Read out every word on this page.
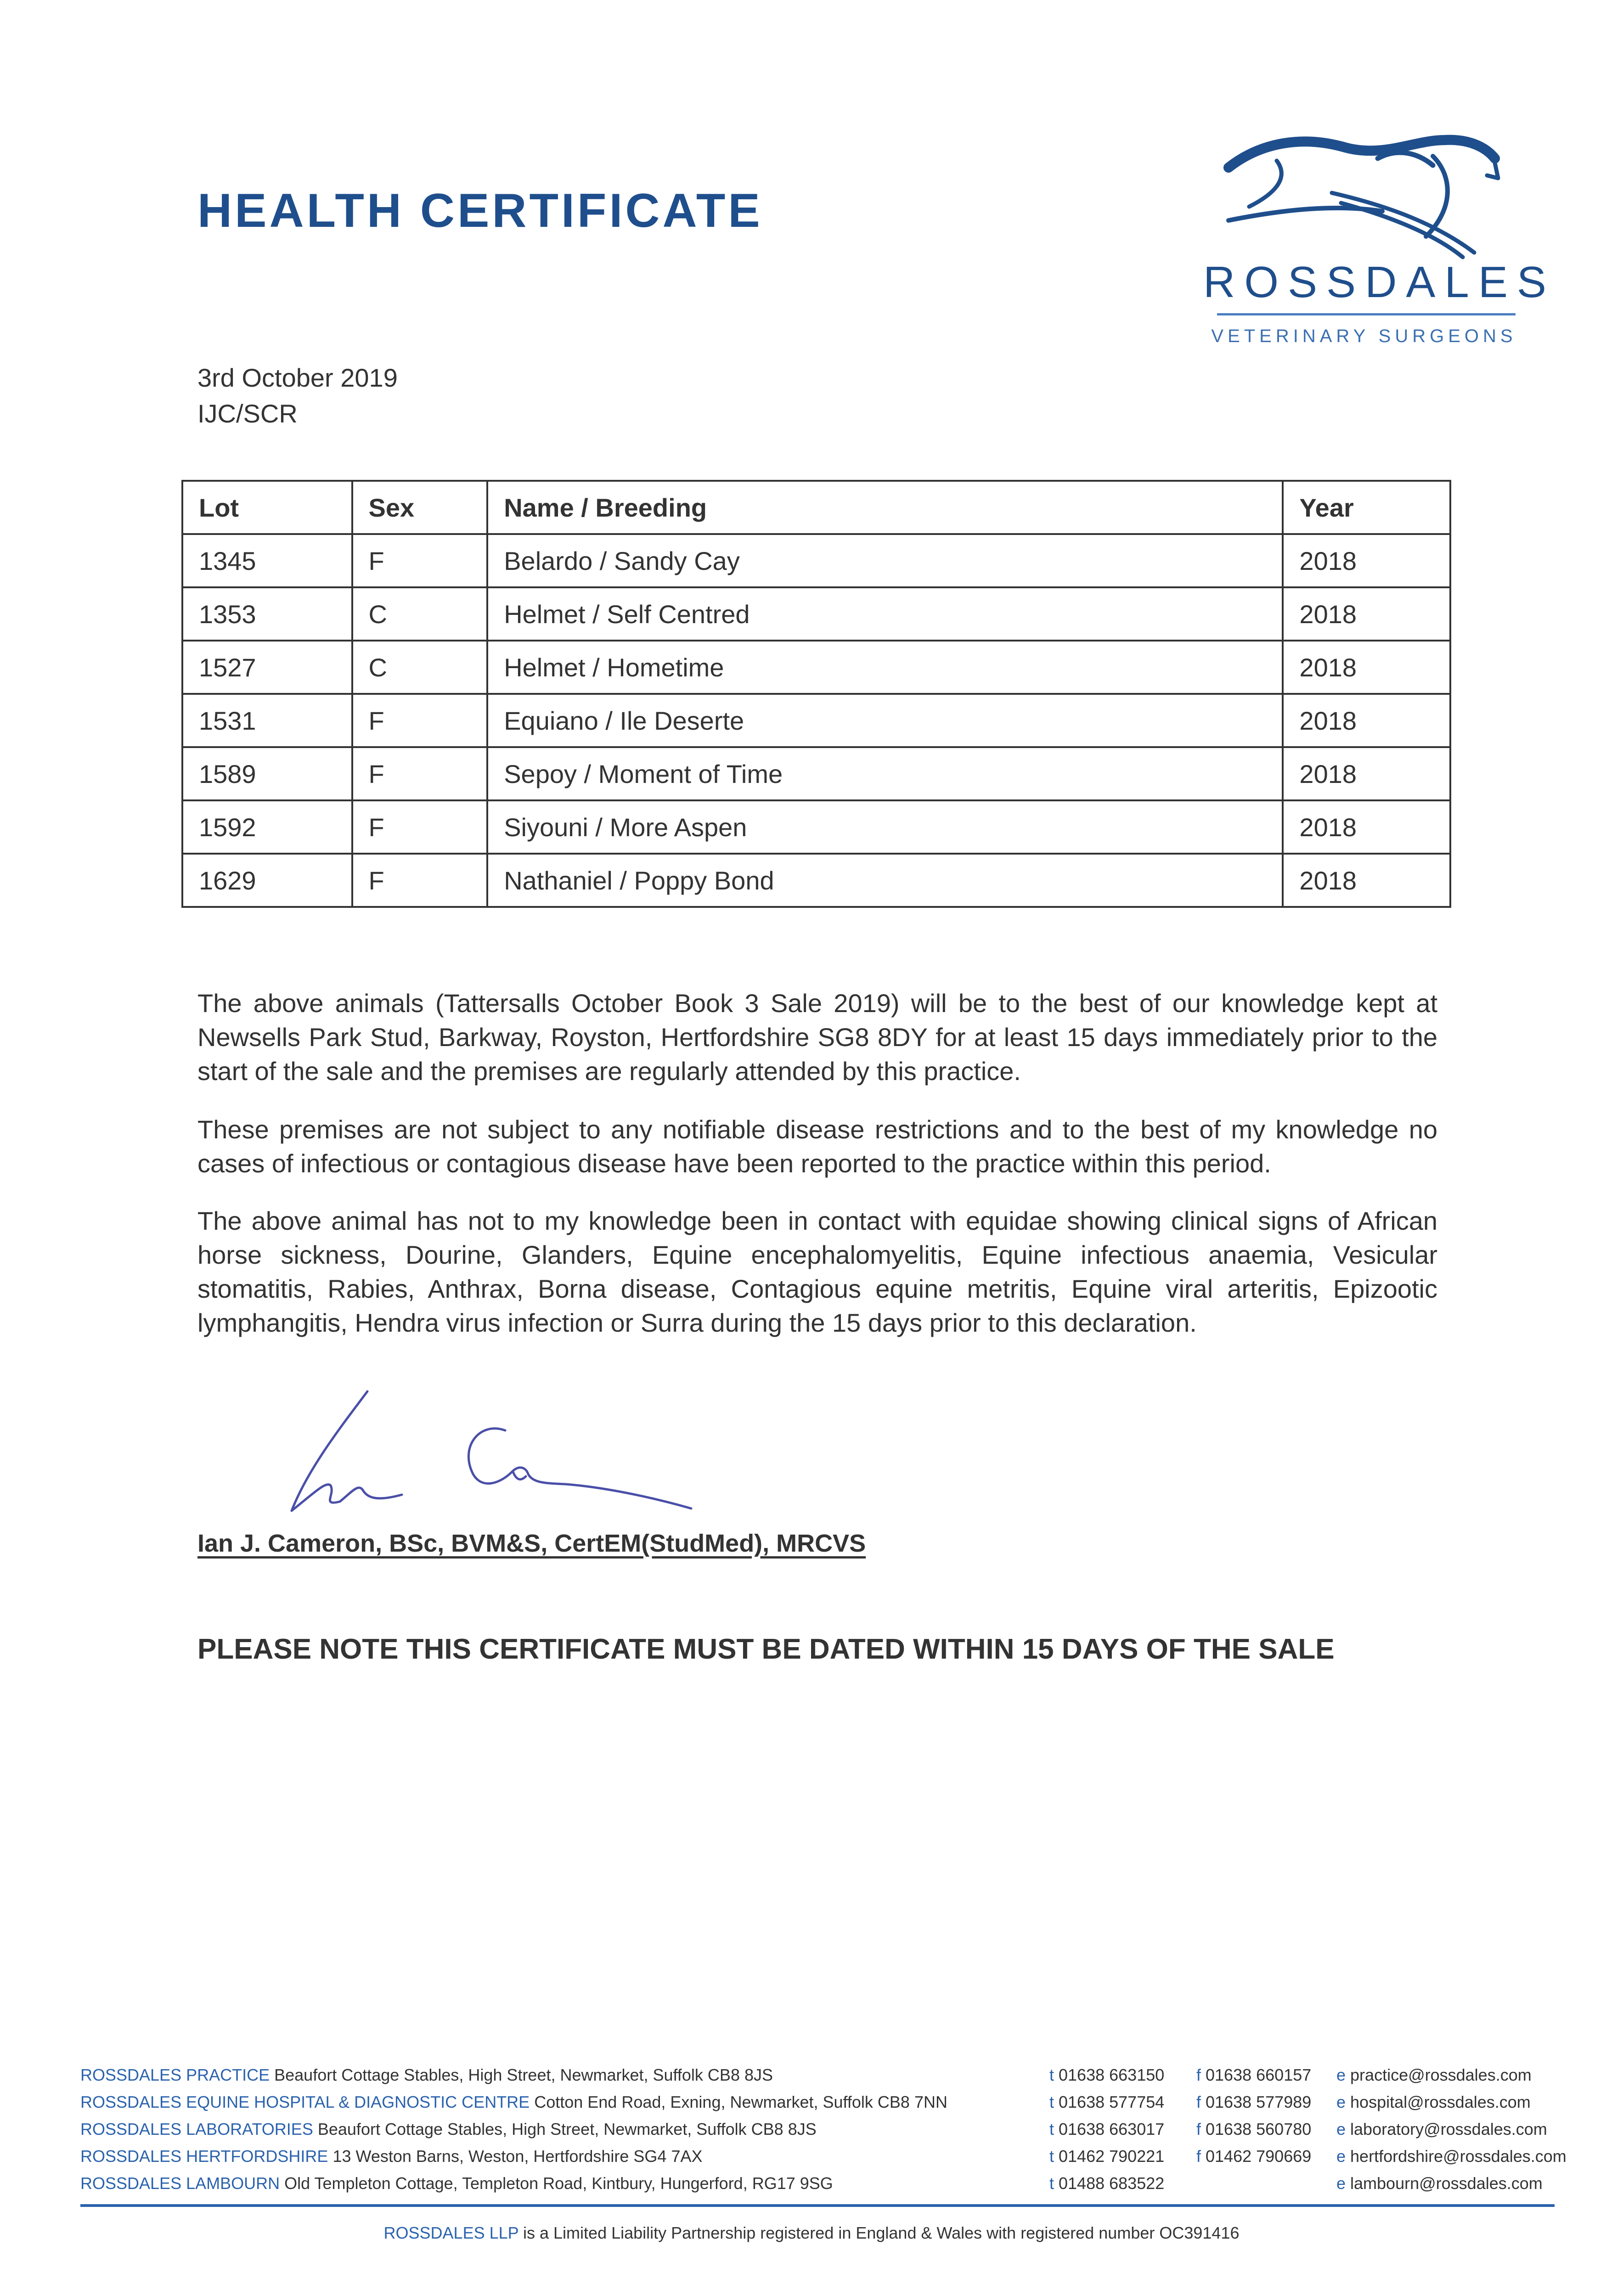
HEALTH CERTIFICATE
ROSSDALES
VETERINARY SURGEONS
3rd October 2019
IJC/SCR
Lot	Sex	Name / Breeding	Year
1345	F	Belardo / Sandy Cay	2018
1353	C	Helmet / Self Centred	2018
1527	C	Helmet / Hometime	2018
1531	F	Equiano / Ile Deserte	2018
1589	F	Sepoy / Moment of Time	2018
1592	F	Siyouni / More Aspen	2018
1629	F	Nathaniel / Poppy Bond	2018

The above animals (Tattersalls October Book 3 Sale 2019) will be to the best of our knowledge kept at Newsells Park Stud, Barkway, Royston, Hertfordshire SG8 8DY for at least 15 days immediately prior to the start of the sale and the premises are regularly attended by this practice.

These premises are not subject to any notifiable disease restrictions and to the best of my knowledge no cases of infectious or contagious disease have been reported to the practice within this period.

The above animal has not to my knowledge been in contact with equidae showing clinical signs of African horse sickness, Dourine, Glanders, Equine encephalomyelitis, Equine infectious anaemia, Vesicular stomatitis, Rabies, Anthrax, Borna disease, Contagious equine metritis, Equine viral arteritis, Epizootic lymphangitis, Hendra virus infection or Surra during the 15 days prior to this declaration.

Ian J. Cameron, BSc, BVM&S, CertEM(StudMed), MRCVS
PLEASE NOTE THIS CERTIFICATE MUST BE DATED WITHIN 15 DAYS OF THE SALE
ROSSDALES PRACTICE Beaufort Cottage Stables, High Street, Newmarket, Suffolk CB8 8JS	t 01638 663150 f 01638 660157 e practice@rossdales.com
ROSSDALES EQUINE HOSPITAL & DIAGNOSTIC CENTRE Cotton End Road, Exning, Newmarket, Suffolk CB8 7NN	t 01638 577754 f 01638 577989 e hospital@rossdales.com
ROSSDALES LABORATORIES Beaufort Cottage Stables, High Street, Newmarket, Suffolk CB8 8JS	t 01638 663017 f 01638 560780 e laboratory@rossdales.com
ROSSDALES HERTFORDSHIRE 13 Weston Barns, Weston, Hertfordshire SG4 7AX	t 01462 790221 f 01462 790669 e hertfordshire@rossdales.com
ROSSDALES LAMBOURN Old Templeton Cottage, Templeton Road, Kintbury, Hungerford, RG17 9SG	t 01488 683522	e lambourn@rossdales.com
ROSSDALES LLP is a Limited Liability Partnership registered in England & Wales with registered number OC391416
